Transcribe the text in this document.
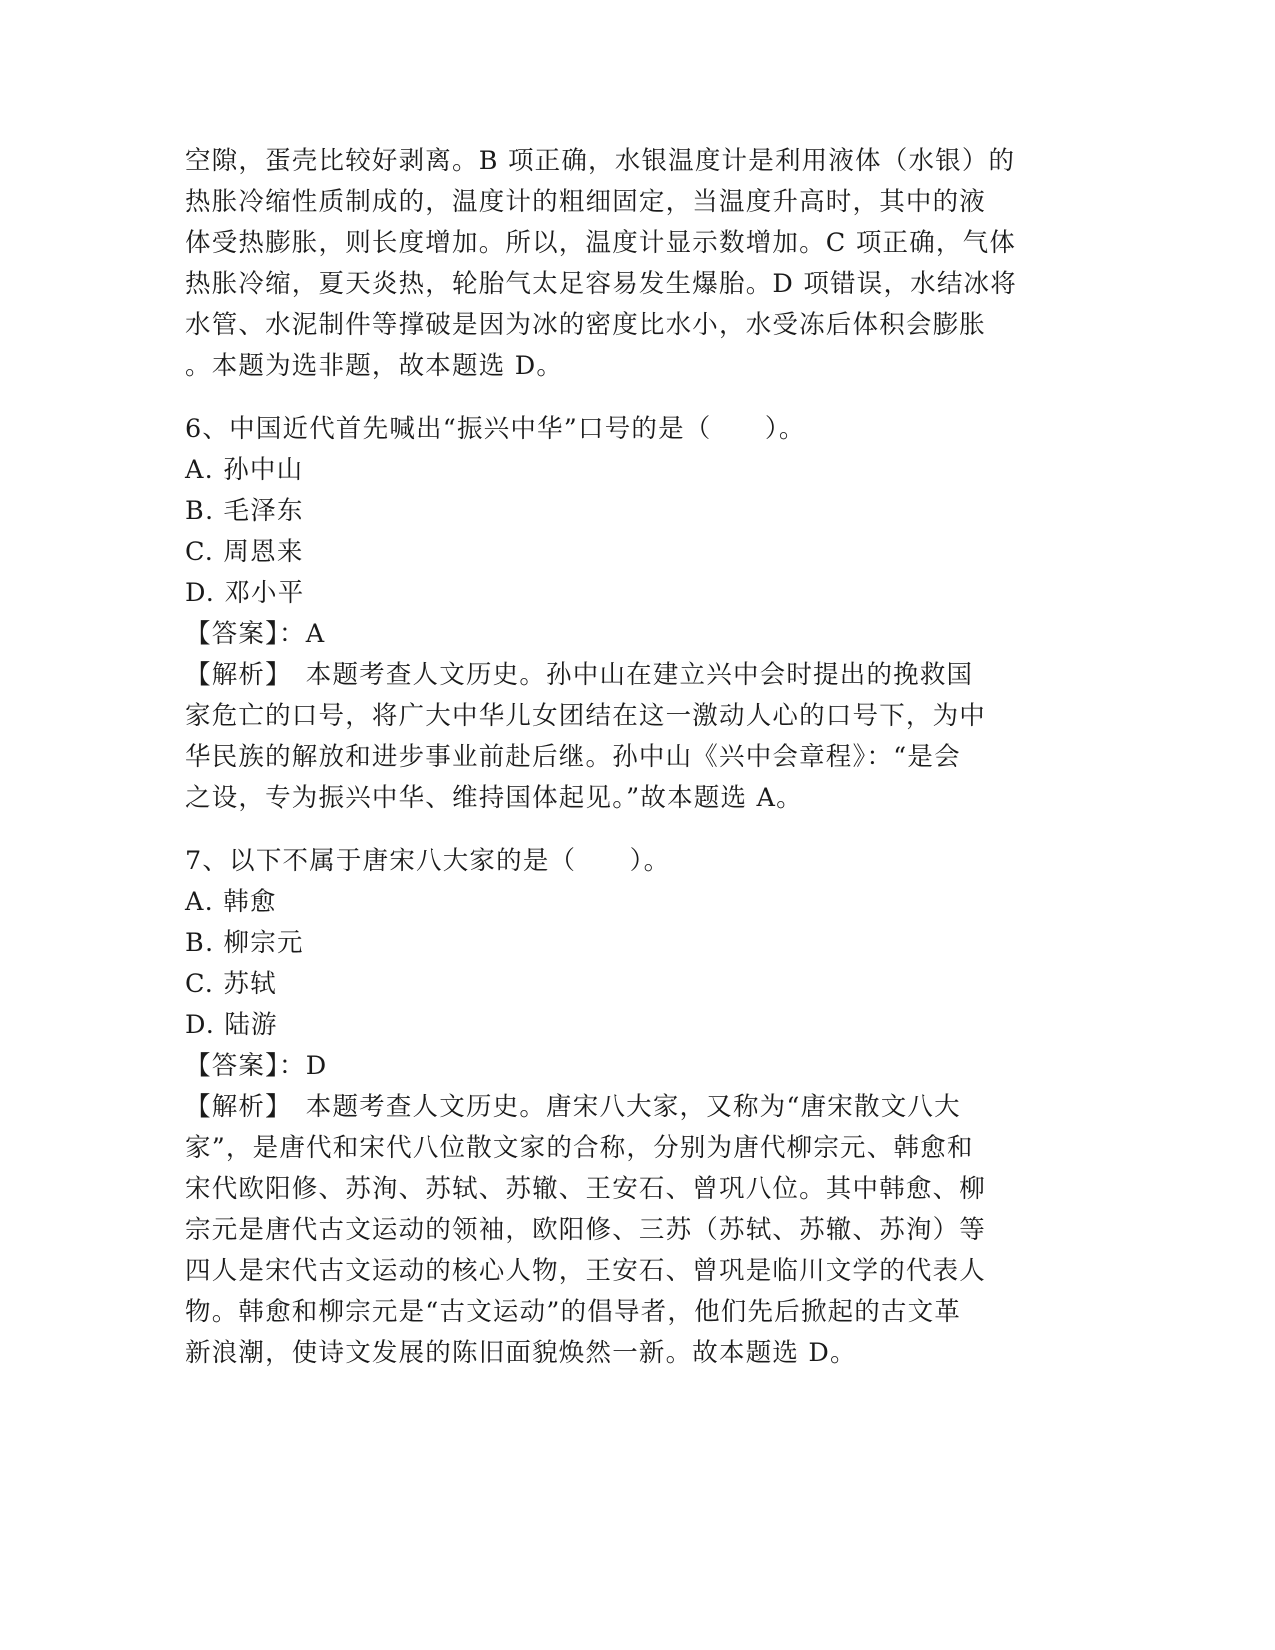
空隙，蛋壳比较好剥离。B 项正确，水银温度计是利用液体（水银）的
热胀冷缩性质制成的，温度计的粗细固定，当温度升高时，其中的液
体受热膨胀，则长度增加。所以，温度计显示数增加。C 项正确，气体
热胀冷缩，夏天炎热，轮胎气太足容易发生爆胎。D 项错误，水结冰将
水管、水泥制件等撑破是因为冰的密度比水小，水受冻后体积会膨胀
。本题为选非题，故本题选 D。
6、中国近代首先喊出“振兴中华”口号的是（　　）。
A. 孙中山
B. 毛泽东
C. 周恩来
D. 邓小平
【答案】：A
【解析】　本题考查人文历史。孙中山在建立兴中会时提出的挽救国
家危亡的口号，将广大中华儿女团结在这一激动人心的口号下，为中
华民族的解放和进步事业前赴后继。孙中山《兴中会章程》：“是会
之设，专为振兴中华、维持国体起见。”故本题选 A。
7、以下不属于唐宋八大家的是（　　）。
A. 韩愈
B. 柳宗元
C. 苏轼
D. 陆游
【答案】：D
【解析】　本题考查人文历史。唐宋八大家，又称为“唐宋散文八大
家”，是唐代和宋代八位散文家的合称，分别为唐代柳宗元、韩愈和
宋代欧阳修、苏洵、苏轼、苏辙、王安石、曾巩八位。其中韩愈、柳
宗元是唐代古文运动的领袖，欧阳修、三苏（苏轼、苏辙、苏洵）等
四人是宋代古文运动的核心人物，王安石、曾巩是临川文学的代表人
物。韩愈和柳宗元是“古文运动”的倡导者，他们先后掀起的古文革
新浪潮，使诗文发展的陈旧面貌焕然一新。故本题选 D。
